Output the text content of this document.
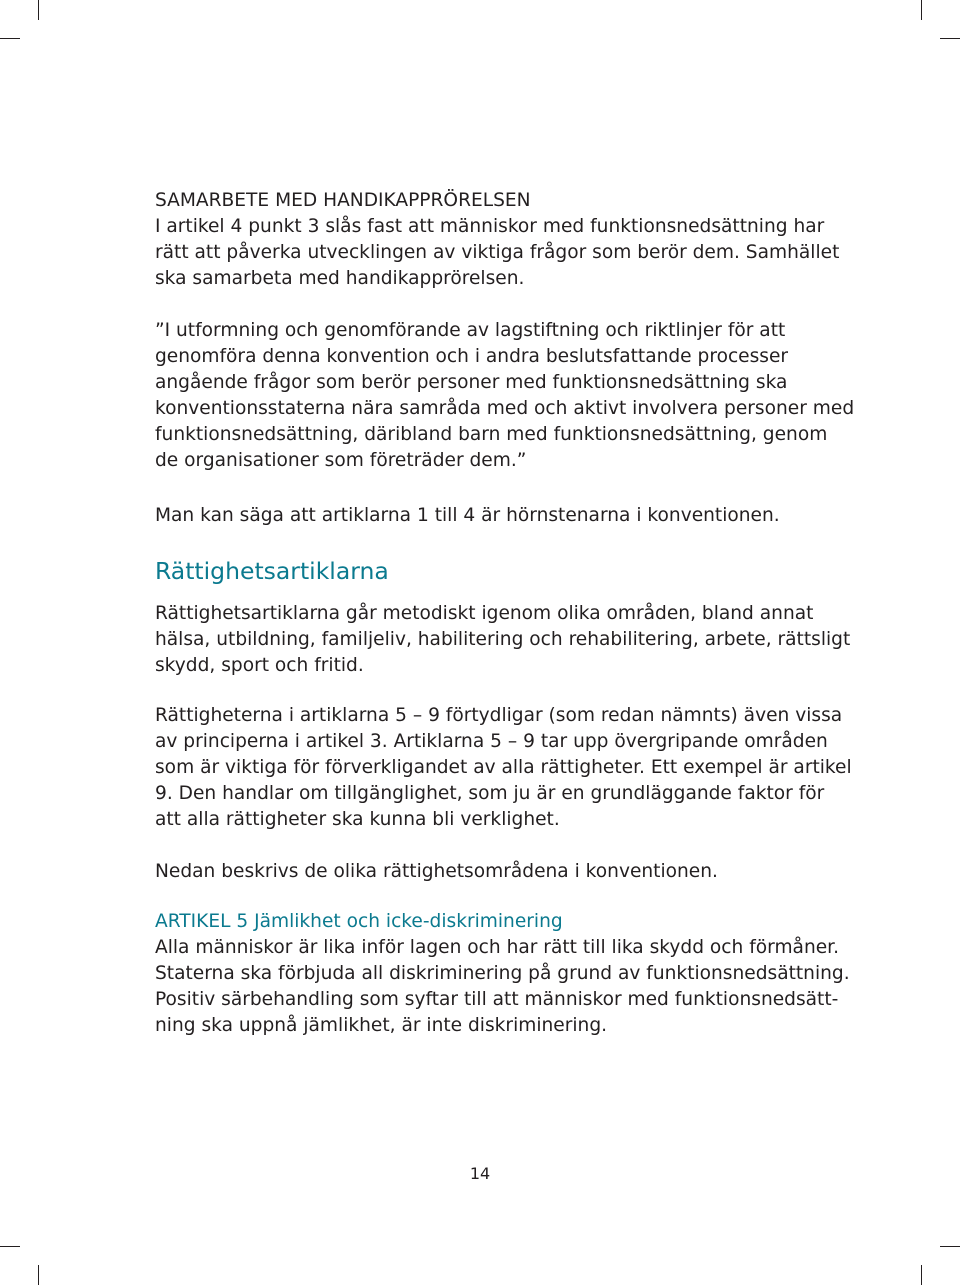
SAMARBETE MED HANDIKAPPRÖRELSEN
I artikel 4 punkt 3 slås fast att människor med funktionsnedsättning har rätt att påverka utvecklingen av viktiga frågor som berör dem. Samhället ska samarbeta med handikapprörelsen.

”I utformning och genomförande av lagstiftning och riktlinjer för att genomföra denna konvention och i andra beslutsfattande processer angående frågor som berör personer med funktionsnedsättning ska konventionsstaterna nära samråda med och aktivt involvera personer med funktionsnedsättning, däribland barn med funktionsnedsättning, genom de organisationer som företräder dem.”

Man kan säga att artiklarna 1 till 4 är hörnstenarna i konventionen.

Rättighetsartiklarna

Rättighetsartiklarna går metodiskt igenom olika områden, bland annat hälsa, utbildning, familjeliv, habilitering och rehabilitering, arbete, rättsligt skydd, sport och fritid.

Rättigheterna i artiklarna 5 – 9 förtydligar (som redan nämnts) även vissa av principerna i artikel 3. Artiklarna 5 – 9 tar upp övergripande områden som är viktiga för förverkligandet av alla rättigheter. Ett exempel är artikel 9. Den handlar om tillgänglighet, som ju är en grundläggande faktor för att alla rättigheter ska kunna bli verklighet.

Nedan beskrivs de olika rättighetsområdena i konventionen.

ARTIKEL 5 Jämlikhet och icke-diskriminering
Alla människor är lika inför lagen och har rätt till lika skydd och förmåner. Staterna ska förbjuda all diskriminering på grund av funktionsnedsättning. Positiv särbehandling som syftar till att människor med funktionsnedsätt-ning ska uppnå jämlikhet, är inte diskriminering.
14
